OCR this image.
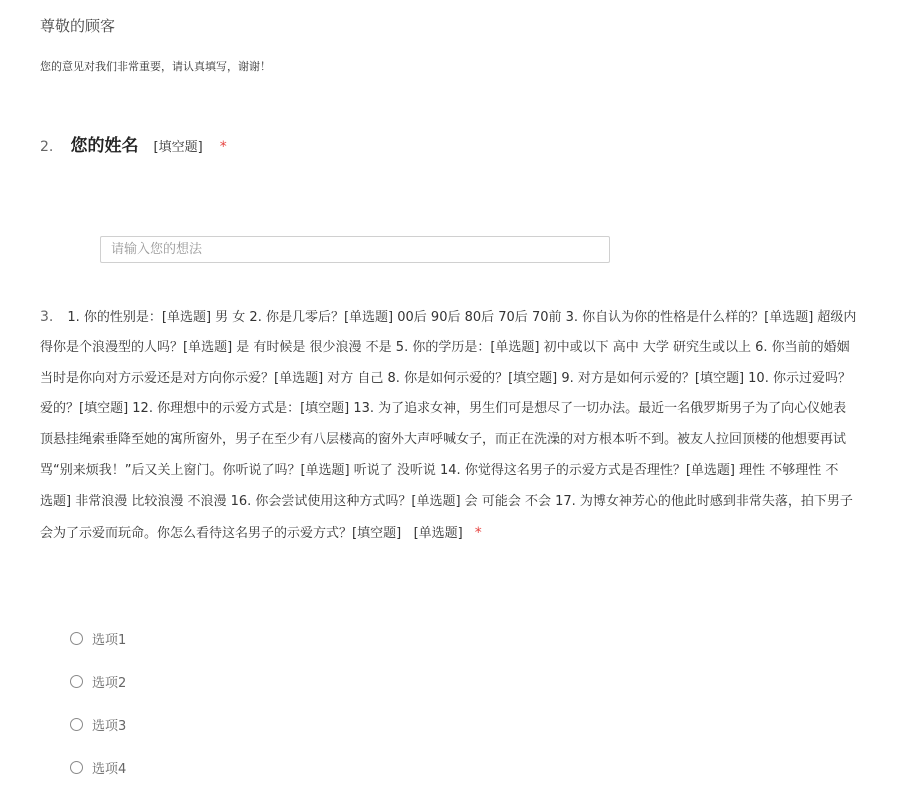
尊敬的顾客
您的意见对我们非常重要，请认真填写，谢谢！
2. 您的姓名 [填空题] *
请输入您的想法
3. 1. 你的性别是：[单选题] 男 女 2. 你是几零后？[单选题] 00后 90后 80后 70后 70前 3. 你自认为你的性格是什么样的？[单选题] 超级内
得你是个浪漫型的人吗？[单选题] 是 有时候是 很少浪漫 不是 5. 你的学历是：[单选题] 初中或以下 高中 大学 研究生或以上 6. 你当前的婚姻
当时是你向对方示爱还是对方向你示爱？[单选题] 对方 自己 8. 你是如何示爱的？[填空题] 9. 对方是如何示爱的？[填空题] 10. 你示过爱吗？
爱的？[填空题] 12. 你理想中的示爱方式是：[填空题] 13. 为了追求女神，男生们可是想尽了一切办法。最近一名俄罗斯男子为了向心仪她表
顶悬挂绳索垂降至她的寓所窗外，男子在至少有八层楼高的窗外大声呼喊女子，而正在洗澡的对方根本听不到。被友人拉回顶楼的他想要再试
骂“别来烦我！”后又关上窗门。你听说了吗？[单选题] 听说了 没听说 14. 你觉得这名男子的示爱方式是否理性？[单选题] 理性 不够理性 不
选题] 非常浪漫 比较浪漫 不浪漫 16. 你会尝试使用这种方式吗？[单选题] 会 可能会 不会 17. 为博女神芳心的他此时感到非常失落，拍下男子
会为了示爱而玩命。你怎么看待这名男子的示爱方式？[填空题] [单选题] *
选项1
选项2
选项3
选项4
